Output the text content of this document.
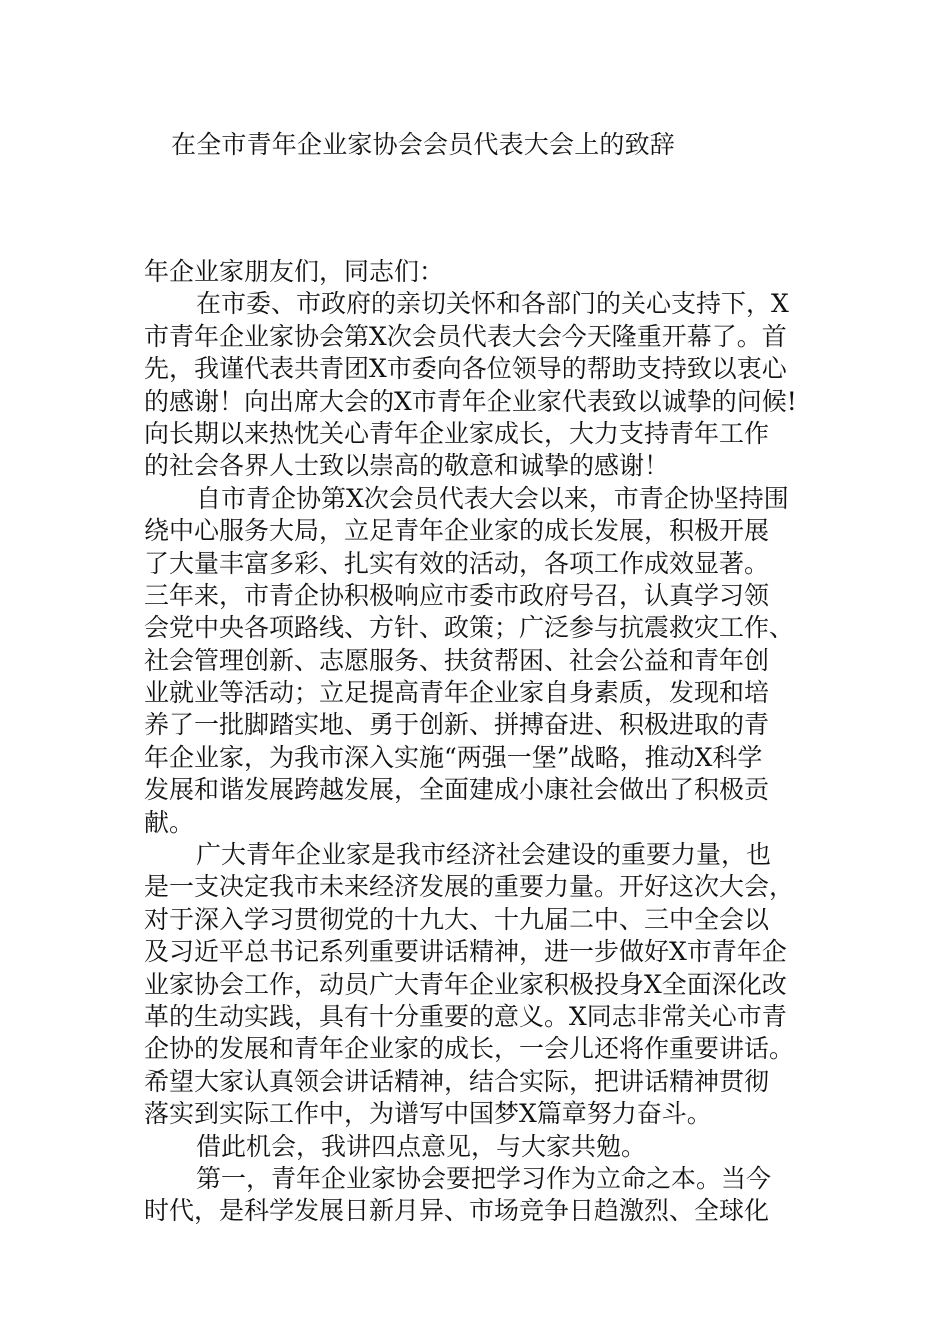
在全市青年企业家协会会员代表大会上的致辞
年企业家朋友们，同志们：
在市委、市政府的亲切关怀和各部门的关心支持下，X
市青年企业家协会第X次会员代表大会今天隆重开幕了。首
先，我谨代表共青团X市委向各位领导的帮助支持致以衷心
的感谢！向出席大会的X市青年企业家代表致以诚挚的问候!
向长期以来热忱关心青年企业家成长，大力支持青年工作
的社会各界人士致以崇高的敬意和诚挚的感谢！
自市青企协第X次会员代表大会以来，市青企协坚持围
绕中心服务大局，立足青年企业家的成长发展，积极开展
了大量丰富多彩、扎实有效的活动，各项工作成效显著。
三年来，市青企协积极响应市委市政府号召，认真学习领
会党中央各项路线、方针、政策；广泛参与抗震救灾工作、
社会管理创新、志愿服务、扶贫帮困、社会公益和青年创
业就业等活动；立足提高青年企业家自身素质，发现和培
养了一批脚踏实地、勇于创新、拼搏奋进、积极进取的青
年企业家，为我市深入实施“两强一堡”战略，推动X科学
发展和谐发展跨越发展，全面建成小康社会做出了积极贡
献。
广大青年企业家是我市经济社会建设的重要力量，也
是一支决定我市未来经济发展的重要力量。开好这次大会，
对于深入学习贯彻党的十九大、十九届二中、三中全会以
及习近平总书记系列重要讲话精神，进一步做好X市青年企
业家协会工作，动员广大青年企业家积极投身X全面深化改
革的生动实践，具有十分重要的意义。X同志非常关心市青
企协的发展和青年企业家的成长，一会儿还将作重要讲话。
希望大家认真领会讲话精神，结合实际，把讲话精神贯彻
落实到实际工作中，为谱写中国梦X篇章努力奋斗。
借此机会，我讲四点意见，与大家共勉。
第一，青年企业家协会要把学习作为立命之本。当今
时代，是科学发展日新月异、市场竞争日趋激烈、全球化
